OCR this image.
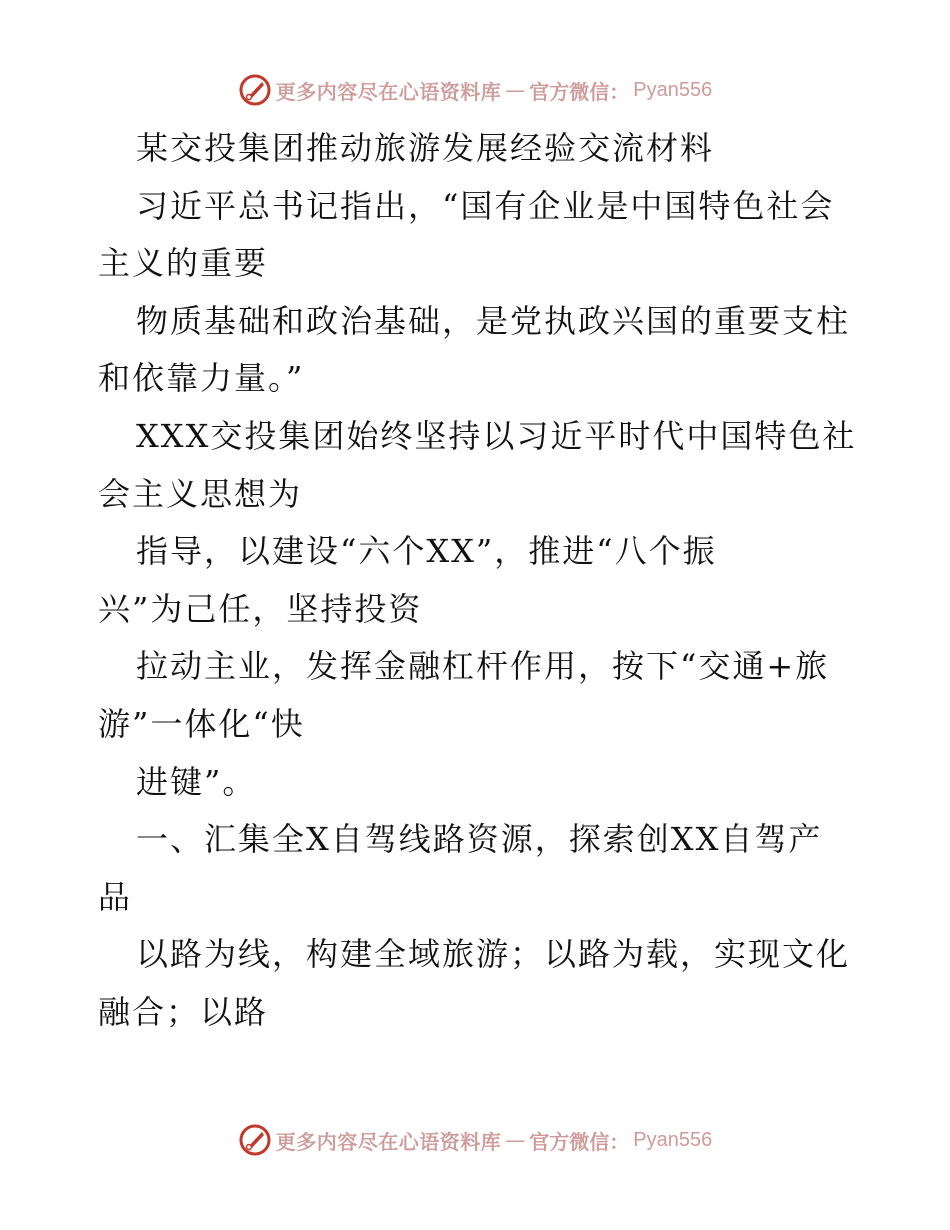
更多内容尽在心语资料库 — 官方微信： Pyan556
某交投集团推动旅游发展经验交流材料
习近平总书记指出，“国有企业是中国特色社会
主义的重要
物质基础和政治基础，是党执政兴国的重要支柱
和依靠力量。”
XXX交投集团始终坚持以习近平时代中国特色社
会主义思想为
指导，以建设“六个XX”，推进“八个振
兴”为己任，坚持投资
拉动主业，发挥金融杠杆作用，按下“交通+旅
游”一体化“快
进键”。
一、汇集全X自驾线路资源，探索创XX自驾产
品
以路为线，构建全域旅游；以路为载，实现文化
融合；以路
更多内容尽在心语资料库 — 官方微信： Pyan556
